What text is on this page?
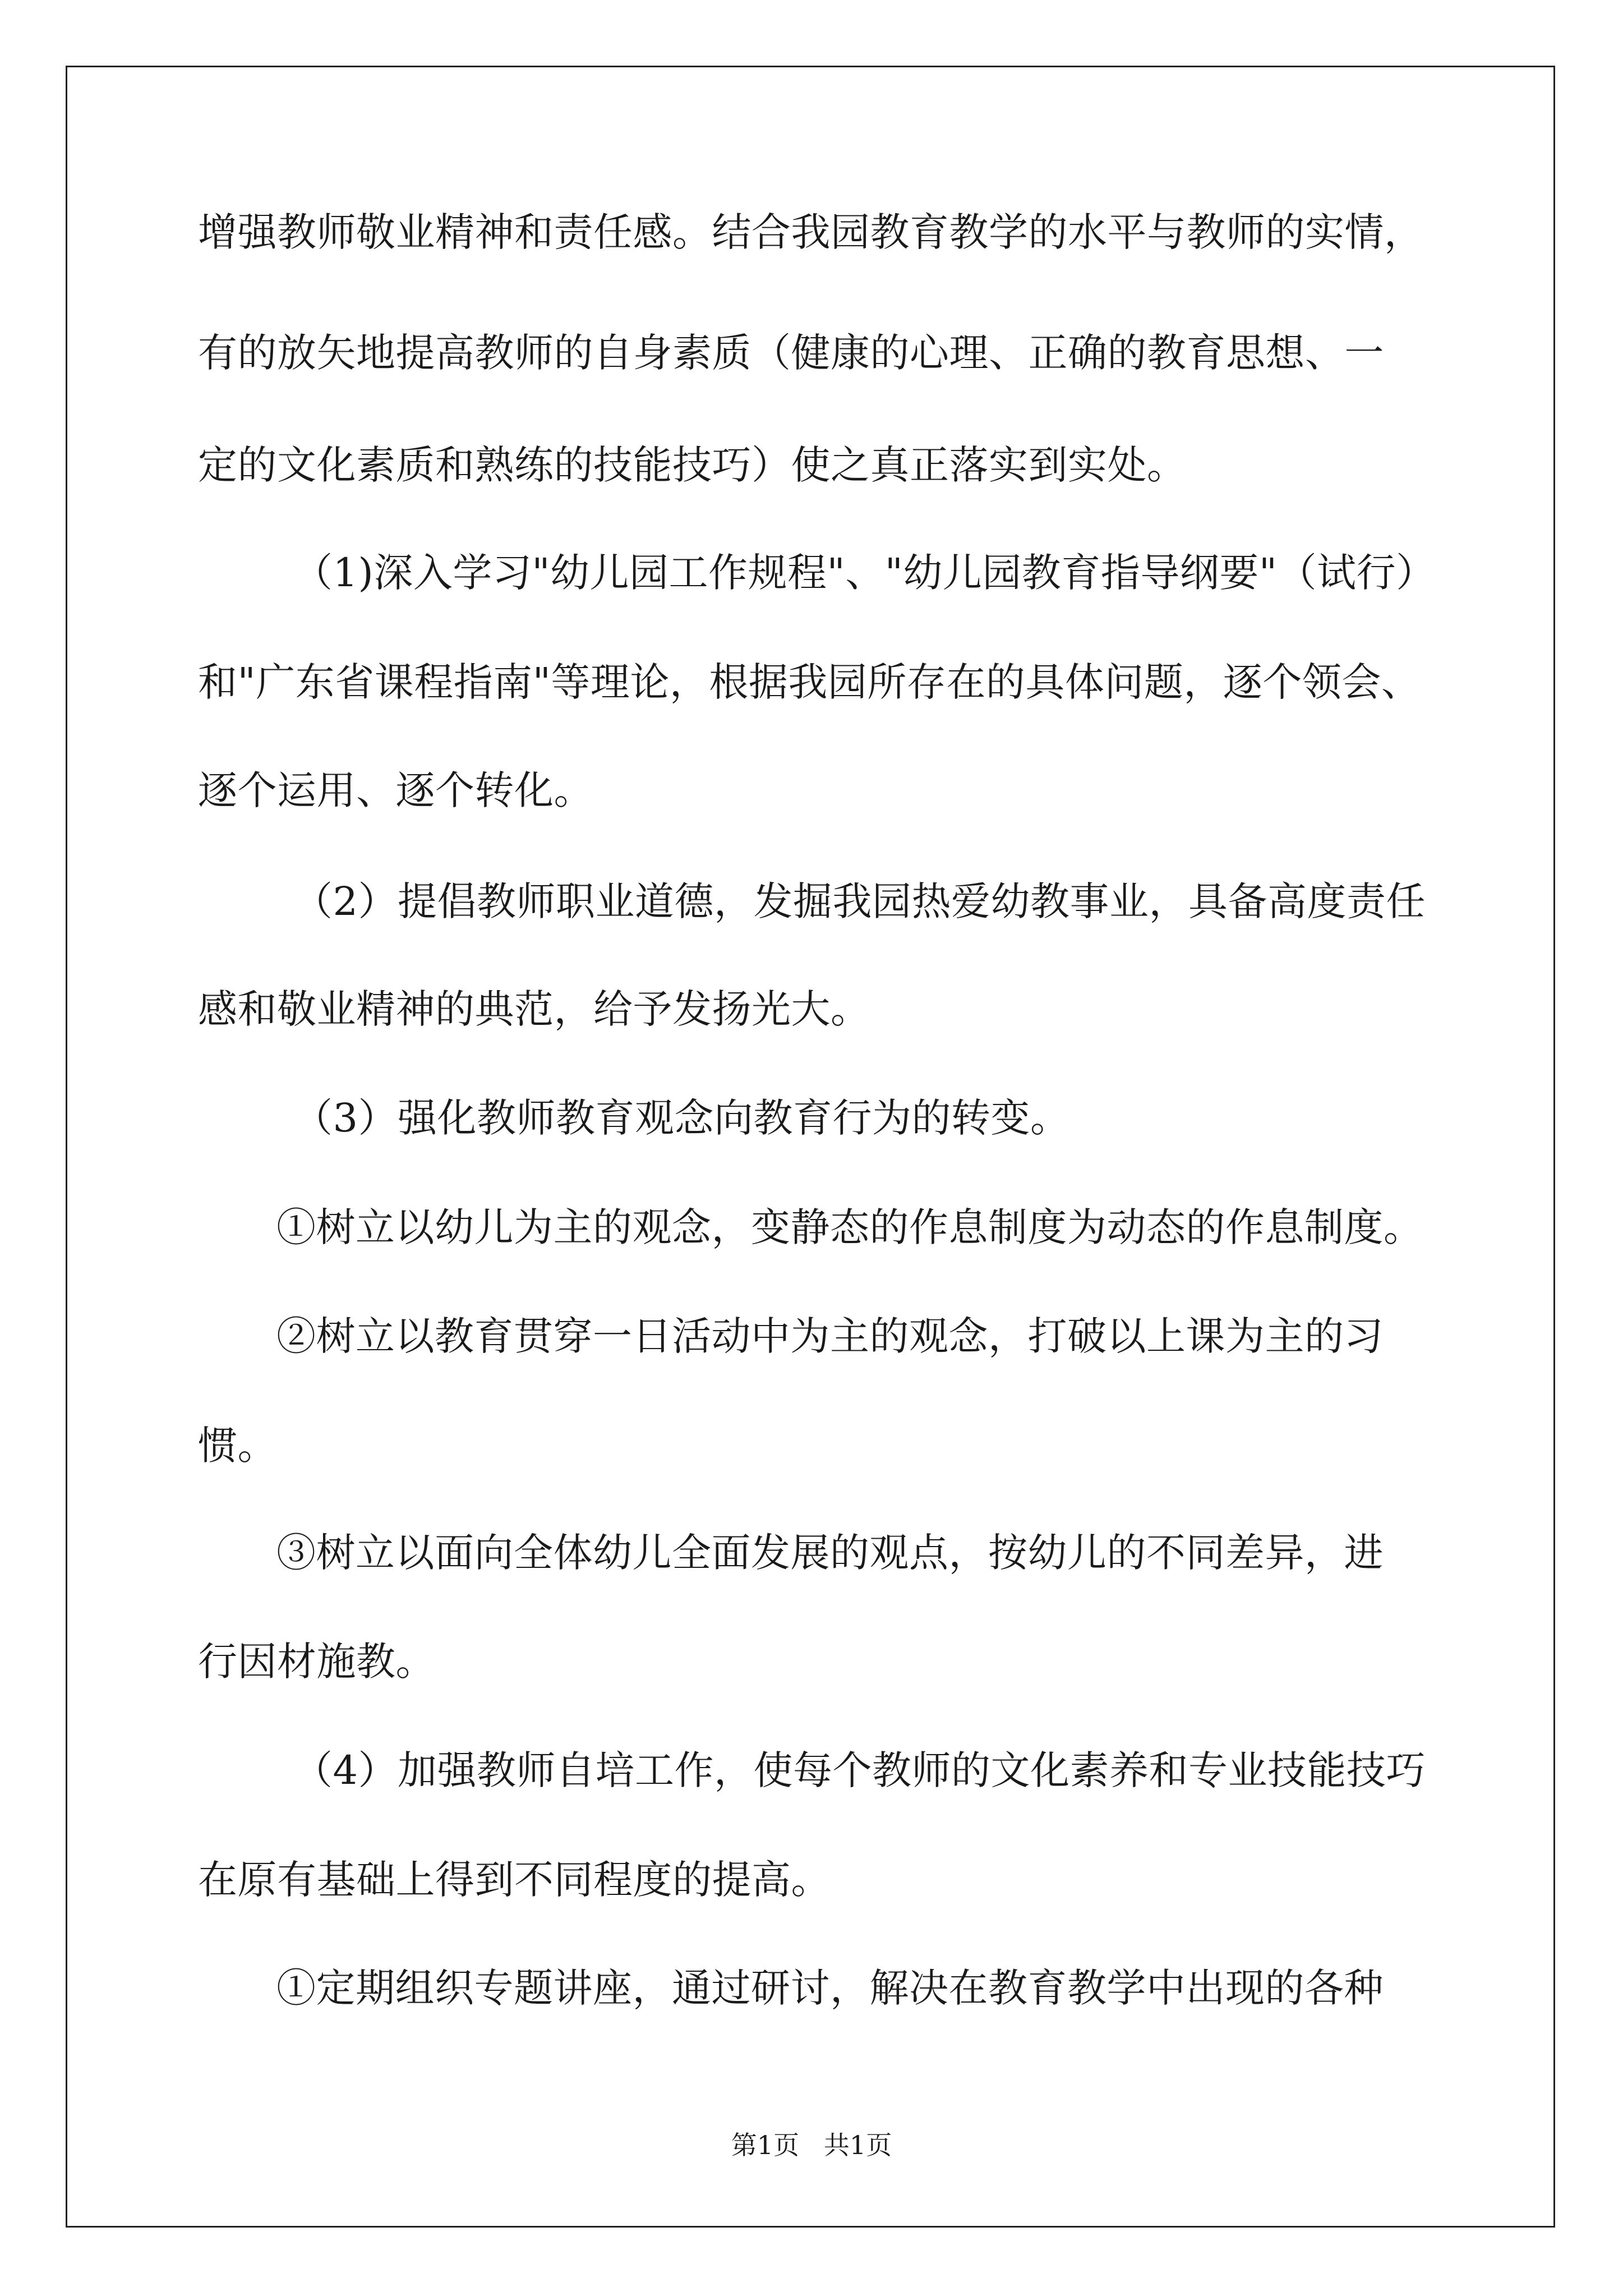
增强教师敬业精神和责任感。结合我园教育教学的水平与教师的实情，
有的放矢地提高教师的自身素质（健康的心理、正确的教育思想、一
定的文化素质和熟练的技能技巧）使之真正落实到实处。
（1)深入学习"幼儿园工作规程"、"幼儿园教育指导纲要"（试行）
和"广东省课程指南"等理论，根据我园所存在的具体问题，逐个领会、
逐个运用、逐个转化。
（2）提倡教师职业道德，发掘我园热爱幼教事业，具备高度责任
感和敬业精神的典范，给予发扬光大。
（3）强化教师教育观念向教育行为的转变。
①树立以幼儿为主的观念，变静态的作息制度为动态的作息制度。
②树立以教育贯穿一日活动中为主的观念，打破以上课为主的习
惯。
③树立以面向全体幼儿全面发展的观点，按幼儿的不同差异，进
行因材施教。
（4）加强教师自培工作，使每个教师的文化素养和专业技能技巧
在原有基础上得到不同程度的提高。
①定期组织专题讲座，通过研讨，解决在教育教学中出现的各种
第1页   共1页
